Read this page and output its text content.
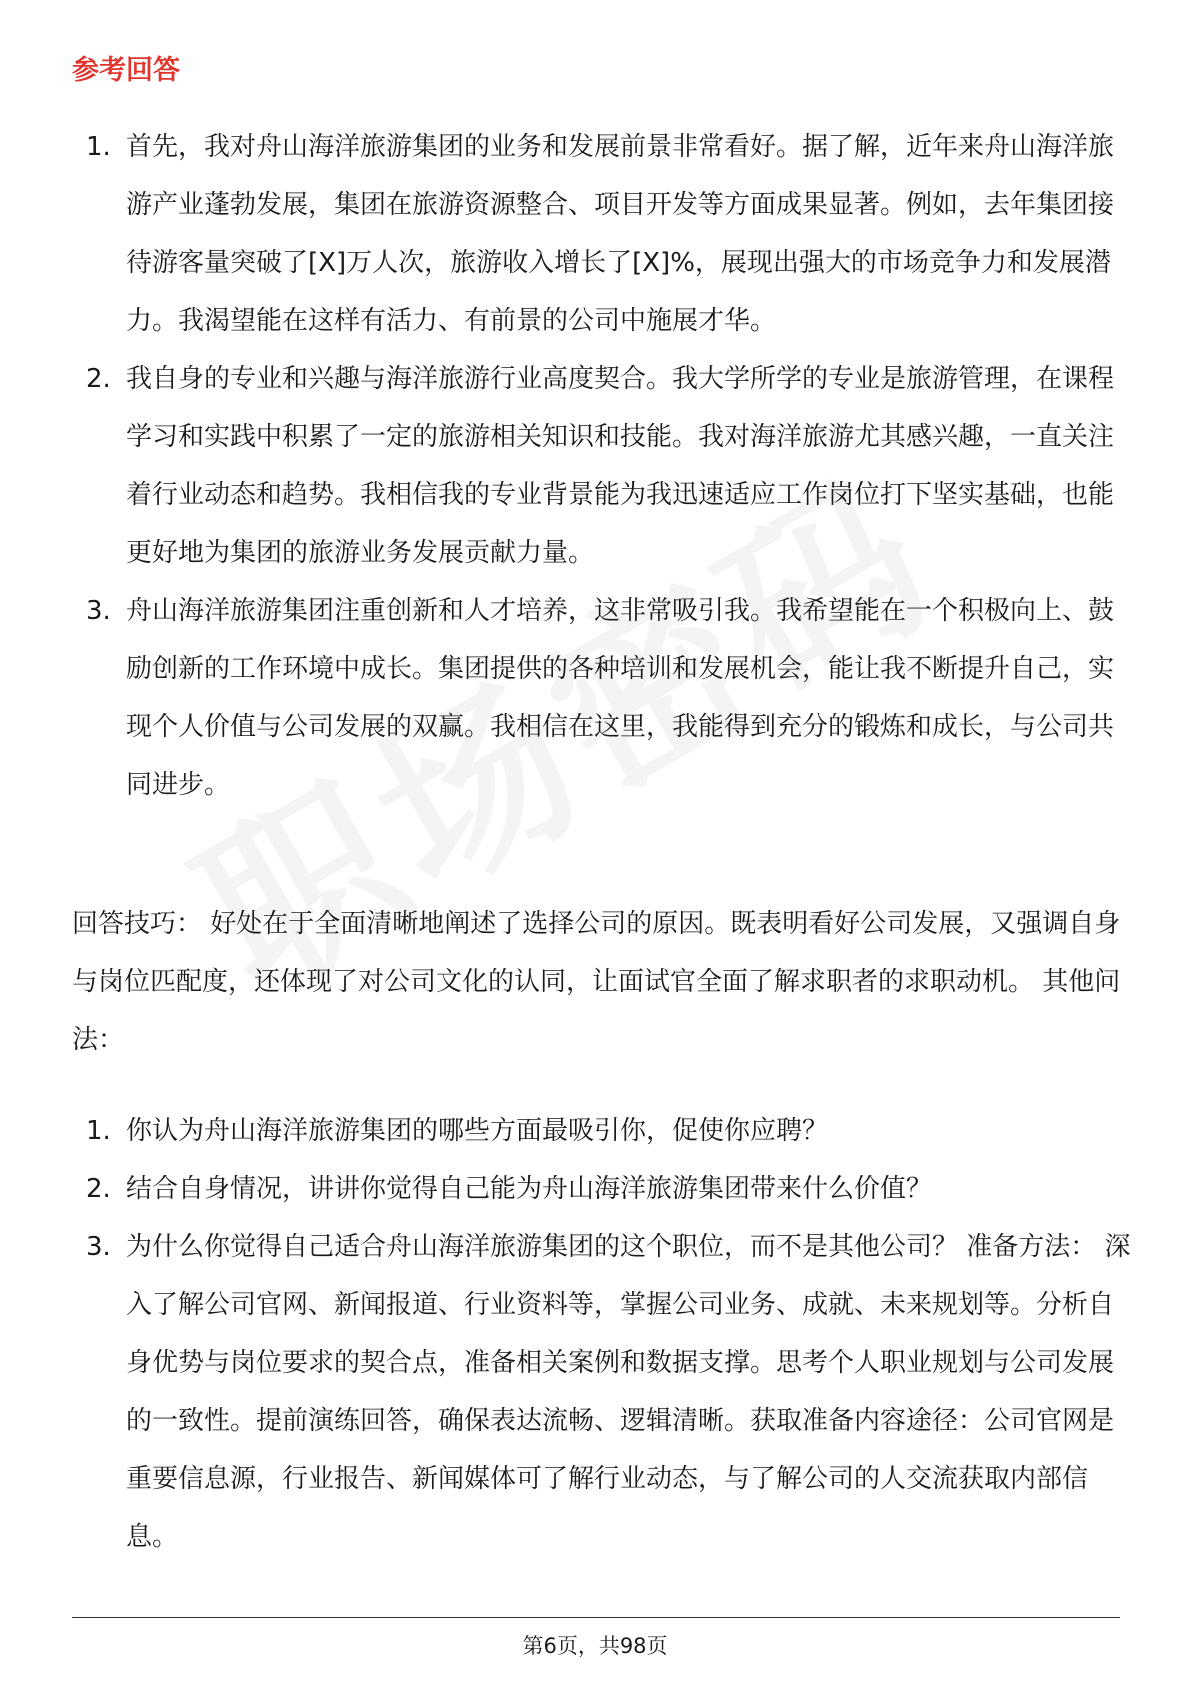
参考回答
1. 首先，我对舟山海洋旅游集团的业务和发展前景非常看好。据了解，近年来舟山海洋旅游产业蓬勃发展，集团在旅游资源整合、项目开发等方面成果显著。例如，去年集团接待游客量突破了[X]万人次，旅游收入增长了[X]%，展现出强大的市场竞争力和发展潜力。我渴望能在这样有活力、有前景的公司中施展才华。
2. 我自身的专业和兴趣与海洋旅游行业高度契合。我大学所学的专业是旅游管理，在课程学习和实践中积累了一定的旅游相关知识和技能。我对海洋旅游尤其感兴趣，一直关注着行业动态和趋势。我相信我的专业背景能为我迅速适应工作岗位打下坚实基础，也能更好地为集团的旅游业务发展贡献力量。
3. 舟山海洋旅游集团注重创新和人才培养，这非常吸引我。我希望能在一个积极向上、鼓励创新的工作环境中成长。集团提供的各种培训和发展机会，能让我不断提升自己，实现个人价值与公司发展的双赢。我相信在这里，我能得到充分的锻炼和成长，与公司共同进步。

回答技巧： 好处在于全面清晰地阐述了选择公司的原因。既表明看好公司发展，又强调自身与岗位匹配度，还体现了对公司文化的认同，让面试官全面了解求职者的求职动机。 其他问法：

1. 你认为舟山海洋旅游集团的哪些方面最吸引你，促使你应聘？
2. 结合自身情况，讲讲你觉得自己能为舟山海洋旅游集团带来什么价值？
3. 为什么你觉得自己适合舟山海洋旅游集团的这个职位，而不是其他公司？ 准备方法： 深入了解公司官网、新闻报道、行业资料等，掌握公司业务、成就、未来规划等。分析自身优势与岗位要求的契合点，准备相关案例和数据支撑。思考个人职业规划与公司发展的一致性。提前演练回答，确保表达流畅、逻辑清晰。获取准备内容途径：公司官网是重要信息源，行业报告、新闻媒体可了解行业动态，与了解公司的人交流获取内部信息。
第6页，共98页
